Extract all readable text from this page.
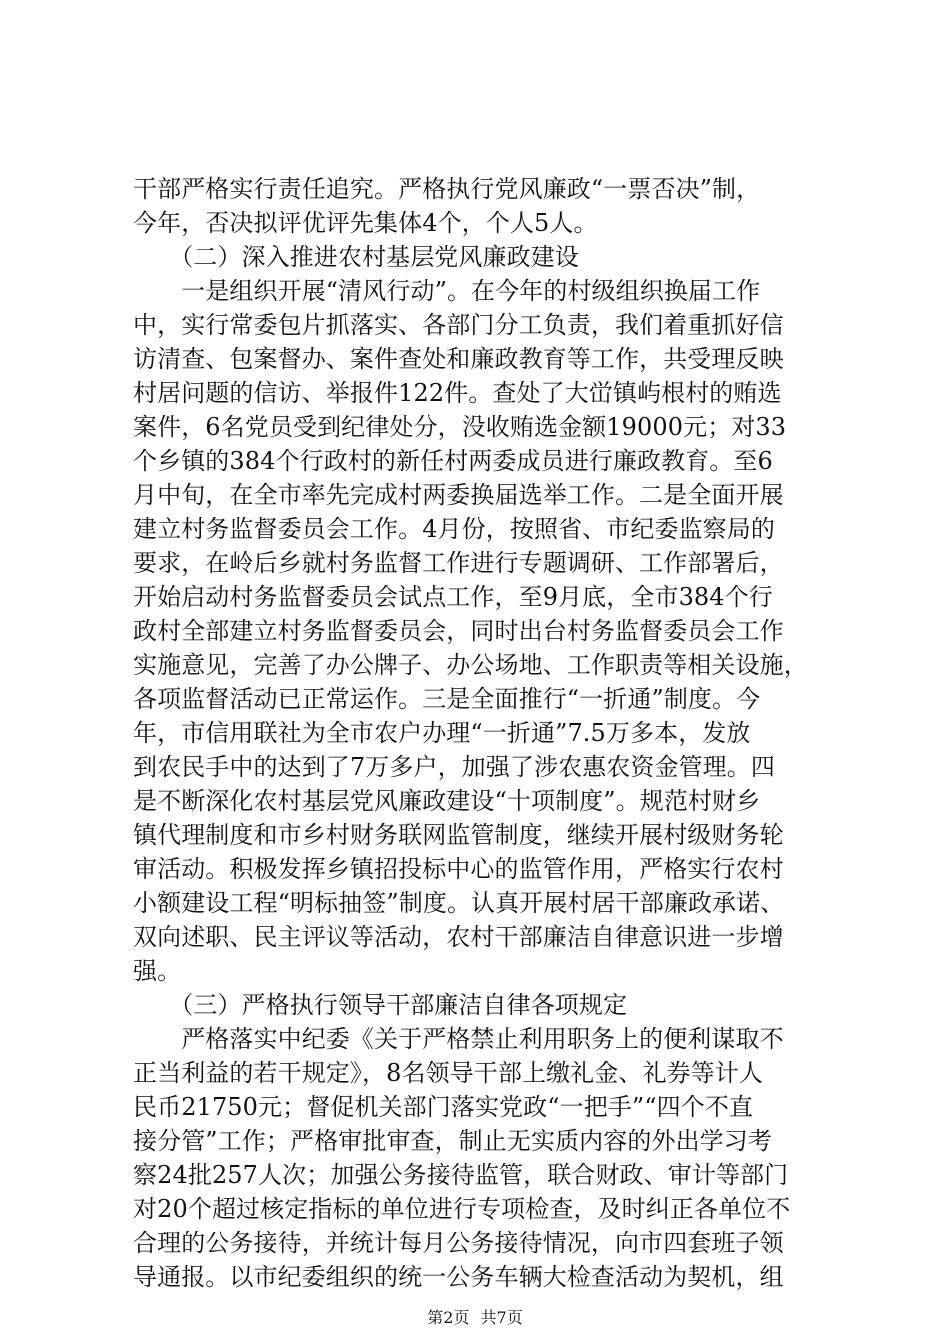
干部严格实行责任追究。严格执行党风廉政“一票否决”制，
今年，否决拟评优评先集体4个，个人5人。
　　（二）深入推进农村基层党风廉政建设
　　一是组织开展“清风行动”。在今年的村级组织换届工作
中，实行常委包片抓落实、各部门分工负责，我们着重抓好信
访清查、包案督办、案件查处和廉政教育等工作，共受理反映
村居问题的信访、举报件122件。查处了大峃镇屿根村的贿选
案件，6名党员受到纪律处分，没收贿选金额19000元；对33
个乡镇的384个行政村的新任村两委成员进行廉政教育。至6
月中旬，在全市率先完成村两委换届选举工作。二是全面开展
建立村务监督委员会工作。4月份，按照省、市纪委监察局的
要求，在岭后乡就村务监督工作进行专题调研、工作部署后，
开始启动村务监督委员会试点工作，至9月底，全市384个行
政村全部建立村务监督委员会，同时出台村务监督委员会工作
实施意见，完善了办公牌子、办公场地、工作职责等相关设施，
各项监督活动已正常运作。三是全面推行“一折通”制度。今
年，市信用联社为全市农户办理“一折通”7.5万多本，发放
到农民手中的达到了7万多户，加强了涉农惠农资金管理。四
是不断深化农村基层党风廉政建设“十项制度”。规范村财乡
镇代理制度和市乡村财务联网监管制度，继续开展村级财务轮
审活动。积极发挥乡镇招投标中心的监管作用，严格实行农村
小额建设工程“明标抽签”制度。认真开展村居干部廉政承诺、
双向述职、民主评议等活动，农村干部廉洁自律意识进一步增
强。
　　（三）严格执行领导干部廉洁自律各项规定
　　严格落实中纪委《关于严格禁止利用职务上的便利谋取不
正当利益的若干规定》，8名领导干部上缴礼金、礼券等计人
民币21750元；督促机关部门落实党政“一把手”“四个不直
接分管”工作；严格审批审查，制止无实质内容的外出学习考
察24批257人次；加强公务接待监管，联合财政、审计等部门
对20个超过核定指标的单位进行专项检查，及时纠正各单位不
合理的公务接待，并统计每月公务接待情况，向市四套班子领
导通报。以市纪委组织的统一公务车辆大检查活动为契机，组
第2页 共7页
